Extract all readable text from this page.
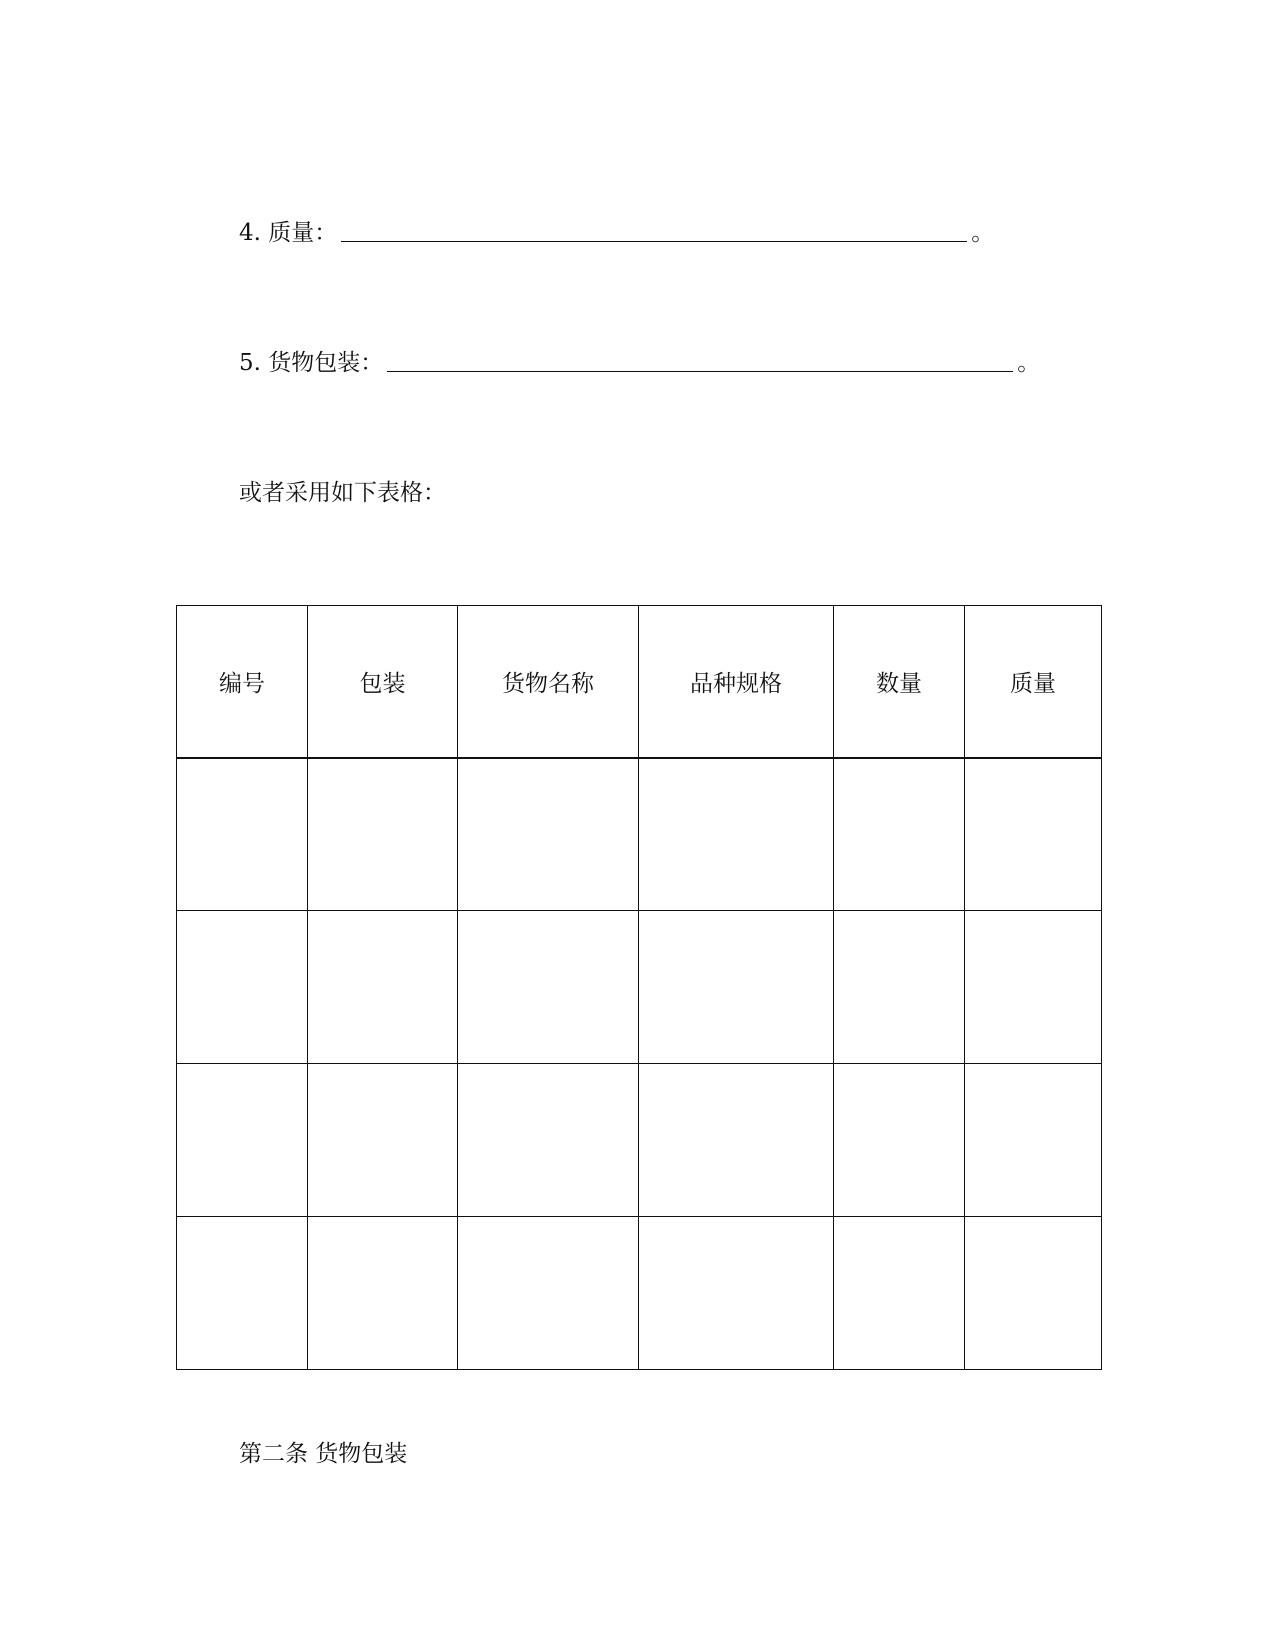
4. 质量：	。
5. 货物包装：	。
或者采用如下表格：
编号	包装	货物名称	品种规格	数量	质量

第二条 货物包装
